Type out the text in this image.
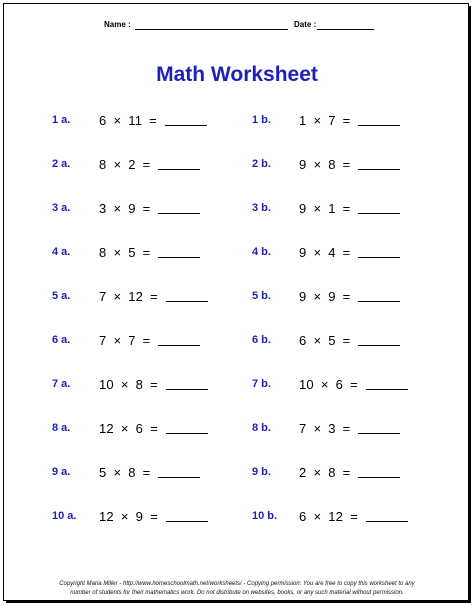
Name :	Date :
Math Worksheet
1 a. 6 × 11 =	1 b. 1 × 7 =
2 a. 8 × 2 =	2 b. 9 × 8 =
3 a. 3 × 9 =	3 b. 9 × 1 =
4 a. 8 × 5 =	4 b. 9 × 4 =
5 a. 7 × 12 =	5 b. 9 × 9 =
6 a. 7 × 7 =	6 b. 6 × 5 =
7 a. 10 × 8 =	7 b. 10 × 6 =
8 a. 12 × 6 =	8 b. 7 × 3 =
9 a. 5 × 8 =	9 b. 2 × 8 =
10 a. 12 × 9 =	10 b. 6 × 12 =
Copyright Maria Miller - http://www.homeschoolmath.net/worksheets/ - Copying permission: You are free to copy this worksheet to any
number of students for their mathematics work. Do not distribute on websites, books, or any such material without permission.
